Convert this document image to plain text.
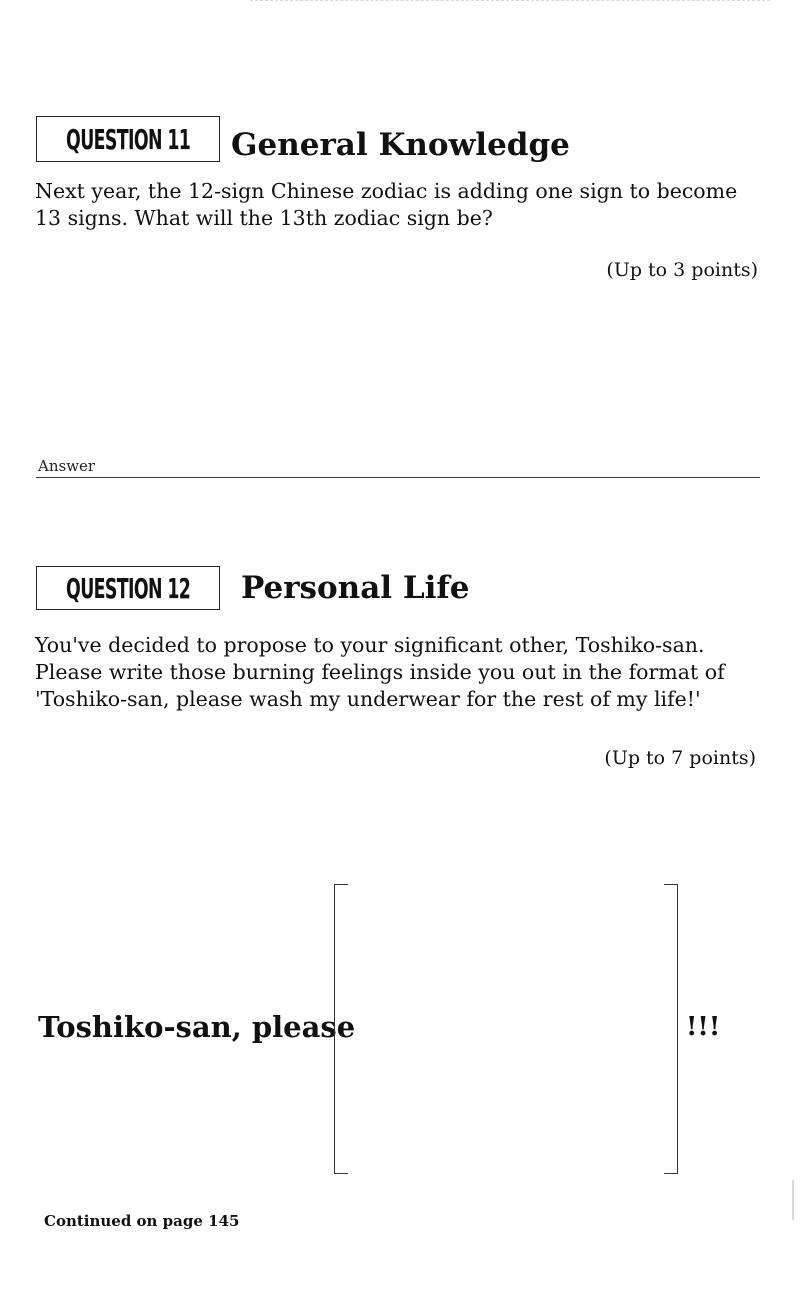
QUESTION 11 General Knowledge
Next year, the 12-sign Chinese zodiac is adding one sign to become 13 signs. What will the 13th zodiac sign be?
(Up to 3 points)
Answer
QUESTION 12 Personal Life
You've decided to propose to your significant other, Toshiko-san. Please write those burning feelings inside you out in the format of 'Toshiko-san, please wash my underwear for the rest of my life!'
(Up to 7 points)
Toshiko-san, please	!!!
Continued on page 145
